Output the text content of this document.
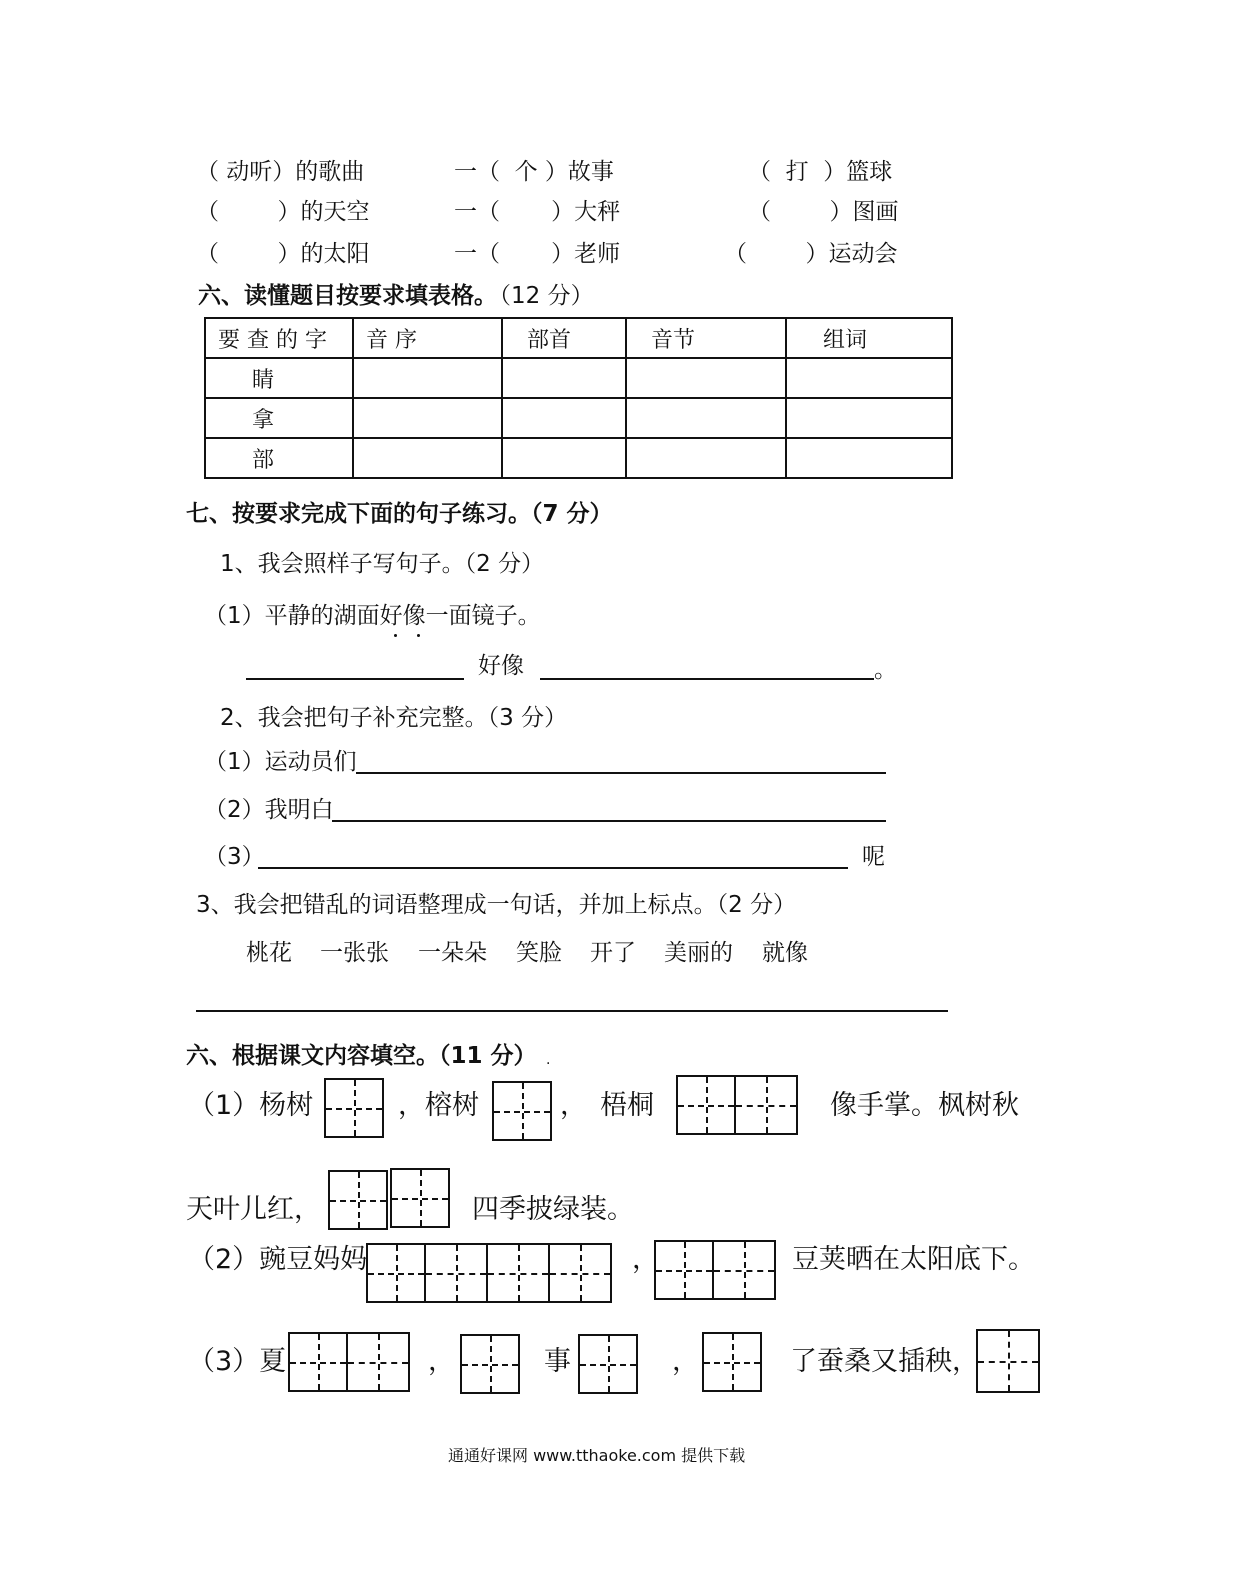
（ 动听）的歌曲	一（  个 ）故事	（  打  ）篮球
（        ）的天空	一（       ）大秤	（        ）图画
（        ）的太阳	一（       ）老师	（        ）运动会
六、读懂题目按要求填表格。
（12 分）
要 查 的 字	音 序	部首	音节	组词
睛				
拿				
部				
七、按要求完成下面的句子练习。（7 分）
1、我会照样子写句子。（2 分）
（1）平静的湖面好像一面镜子。
好像	。
2、我会把句子补充完整。（3 分）
（1）运动员们
（2）我明白
（3）	呢
3、我会把错乱的词语整理成一句话，并加上标点。（2 分）
桃花 一张张 一朵朵 笑脸 开了 美丽的 就像
六、根据课文内容填空。（11 分） .
（1）杨树	，榕树	， 梧桐	像手掌。枫树秋
天叶儿红，	四季披绿装。
（2）豌豆妈妈	，	豆荚晒在太阳底下。
（3）夏	，	事	，	了蚕桑又插秧，
通通好课网 www.tthaoke.com 提供下载
